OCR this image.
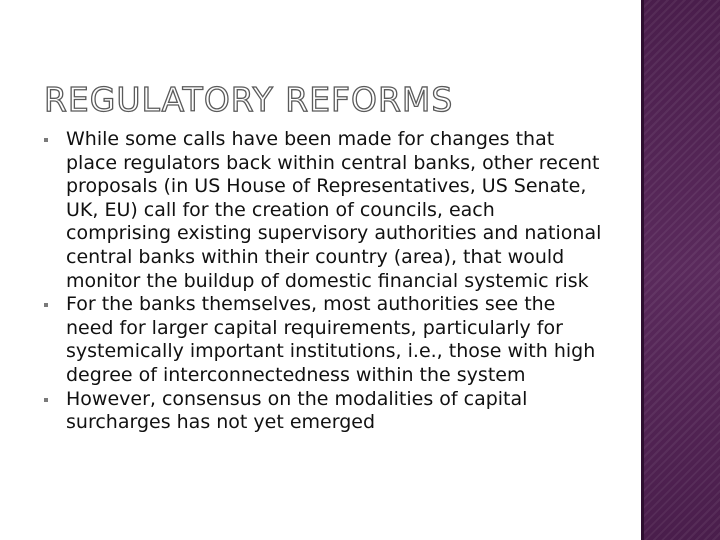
REGULATORY REFORMS
While some calls have been made for changes that place regulators back within central banks, other recent proposals (in US House of Representatives, US Senate, UK, EU) call for the creation of councils, each comprising existing supervisory authorities and national central banks within their country (area), that would monitor the buildup of domestic financial systemic risk
For the banks themselves, most authorities see the need for larger capital requirements, particularly for systemically important institutions, i.e., those with high degree of interconnectedness within the system
However, consensus on the modalities of capital surcharges has not yet emerged
